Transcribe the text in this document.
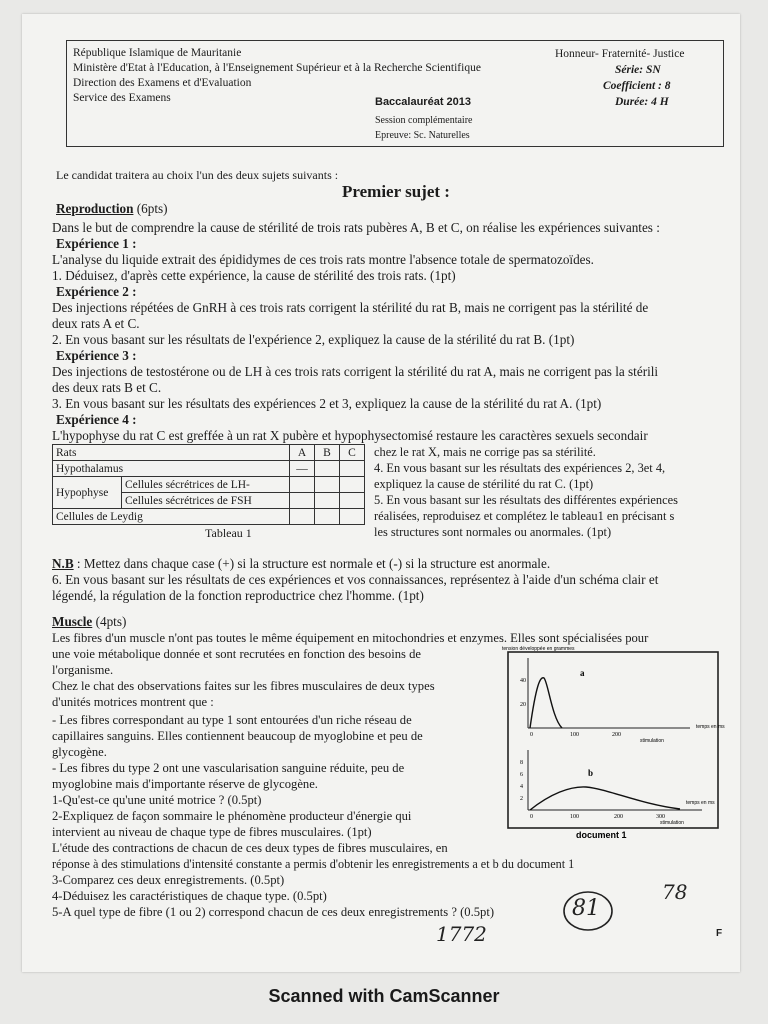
République Islamique de Mauritanie
Ministère d'Etat à l'Education, à l'Enseignement Supérieur et à la Recherche Scientifique
Direction des Examens et d'Evaluation
Service des Examens
Honneur- Fraternité- Justice
Série: SN
Coefficient : 8
Durée: 4 H
Baccalauréat 2013
Session complémentaire
Epreuve: Sc. Naturelles
Le candidat traitera au choix l'un des deux sujets suivants :
Premier sujet :
Reproduction (6pts)
Dans le but de comprendre la cause de stérilité de trois rats pubères A, B et C, on réalise les expériences suivantes :
Expérience 1 :
L'analyse du liquide extrait des épididymes de ces trois rats montre l'absence totale de spermatozoïdes.
1. Déduisez, d'après cette expérience, la cause de stérilité des trois rats. (1pt)
Expérience 2 :
Des injections répétées de GnRH à ces trois rats corrigent la stérilité du rat B, mais ne corrigent pas la stérilité de
deux rats A et C.
2. En vous basant sur les résultats de l'expérience 2, expliquez la cause de la stérilité du rat B. (1pt)
Expérience 3 :
Des injections de testostérone ou de LH à ces trois rats corrigent la stérilité du rat A, mais ne corrigent pas la stérili
des deux rats B et C.
3. En vous basant sur les résultats des expériences 2 et 3, expliquez la cause de la stérilité du rat A. (1pt)
Expérience 4 :
L'hypophyse du rat C est greffée à un rat X pubère et hypophysectomisé restaure les caractères sexuels secondair
Rats		A	B	C
Hypothalamus		—		
Hypophyse	Cellules sécrétrices de LH-			
	Cellules sécrétrices de FSH			
Cellules de Leydig				
Tableau 1
chez le rat X, mais ne corrige pas sa stérilité.
4. En vous basant sur les résultats des expériences 2, 3et 4,
expliquez la cause de stérilité du rat C. (1pt)
5. En vous basant sur les résultats des différentes expériences
réalisées, reproduisez et complétez le tableau1 en précisant s
les structures sont normales ou anormales. (1pt)
N.B : Mettez dans chaque case (+) si la structure est normale et (-) si la structure est anormale.
6. En vous basant sur les résultats de ces expériences et vos connaissances, représentez à l'aide d'un schéma clair et
légendé, la régulation de la fonction reproductrice chez l'homme. (1pt)
Muscle (4pts)
Les fibres d'un muscle n'ont pas toutes le même équipement en mitochondries et enzymes. Elles sont spécialisées pour
une voie métabolique donnée et sont recrutées en fonction des besoins de
l'organisme.
Chez le chat des observations faites sur les fibres musculaires de deux types
d'unités motrices montrent que :
- Les fibres correspondant au type 1 sont entourées d'un riche réseau de
capillaires sanguins. Elles contiennent beaucoup de myoglobine et peu de
glycogène.
- Les fibres du type 2 ont une vascularisation sanguine réduite, peu de
myoglobine mais d'importante réserve de glycogène.
1-Qu'est-ce qu'une unité motrice ? (0.5pt)
2-Expliquez de façon sommaire le phénomène producteur d'énergie qui
intervient au niveau de chaque type de fibres musculaires. (1pt)
L'étude des contractions de chacun de ces deux types de fibres musculaires, en
réponse à des stimulations d'intensité constante a permis d'obtenir les enregistrements a et b du document 1
3-Comparez ces deux enregistrements. (0.5pt)
4-Déduisez les caractéristiques de chaque type. (0.5pt)
5-A quel type de fibre (1 ou 2) correspond chacun de ces deux enregistrements ? (0.5pt)
tension développée en grammes
40
20
0	100	200
a
temps en ms
stimulation
8
6
4
2
0	100	200	300
b
temps en ms
stimulation
document 1
81
78
1772	F
Scanned with CamScanner
